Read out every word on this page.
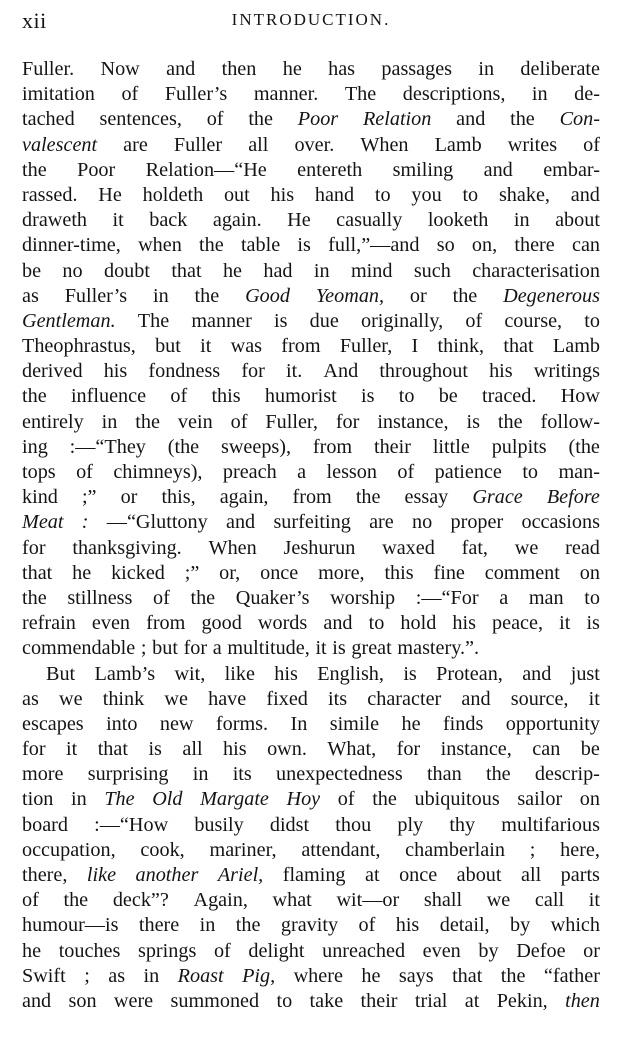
xii	INTRODUCTION.
Fuller. Now and then he has passages in deliberate
imitation of Fuller’s manner. The descriptions, in de-
tached sentences, of the Poor Relation and the Con-
valescent are Fuller all over. When Lamb writes of
the Poor Relation—“He entereth smiling and embar-
rassed. He holdeth out his hand to you to shake, and
draweth it back again. He casually looketh in about
dinner-time, when the table is full,”—and so on, there can
be no doubt that he had in mind such characterisation
as Fuller’s in the Good Yeoman, or the Degenerous
Gentleman. The manner is due originally, of course, to
Theophrastus, but it was from Fuller, I think, that Lamb
derived his fondness for it. And throughout his writings
the influence of this humorist is to be traced. How
entirely in the vein of Fuller, for instance, is the follow-
ing :—“They (the sweeps), from their little pulpits (the
tops of chimneys), preach a lesson of patience to man-
kind ;” or this, again, from the essay Grace Before
Meat : —“Gluttony and surfeiting are no proper occasions
for thanksgiving. When Jeshurun waxed fat, we read
that he kicked ;” or, once more, this fine comment on
the stillness of the Quaker’s worship :—“For a man to
refrain even from good words and to hold his peace, it is
commendable ; but for a multitude, it is great mastery.”.
But Lamb’s wit, like his English, is Protean, and just
as we think we have fixed its character and source, it
escapes into new forms. In simile he finds opportunity
for it that is all his own. What, for instance, can be
more surprising in its unexpectedness than the descrip-
tion in The Old Margate Hoy of the ubiquitous sailor on
board :—“How busily didst thou ply thy multifarious
occupation, cook, mariner, attendant, chamberlain ; here,
there, like another Ariel, flaming at once about all parts
of the deck”? Again, what wit—or shall we call it
humour—is there in the gravity of his detail, by which
he touches springs of delight unreached even by Defoe or
Swift ; as in Roast Pig, where he says that the “father
and son were summoned to take their trial at Pekin, then
